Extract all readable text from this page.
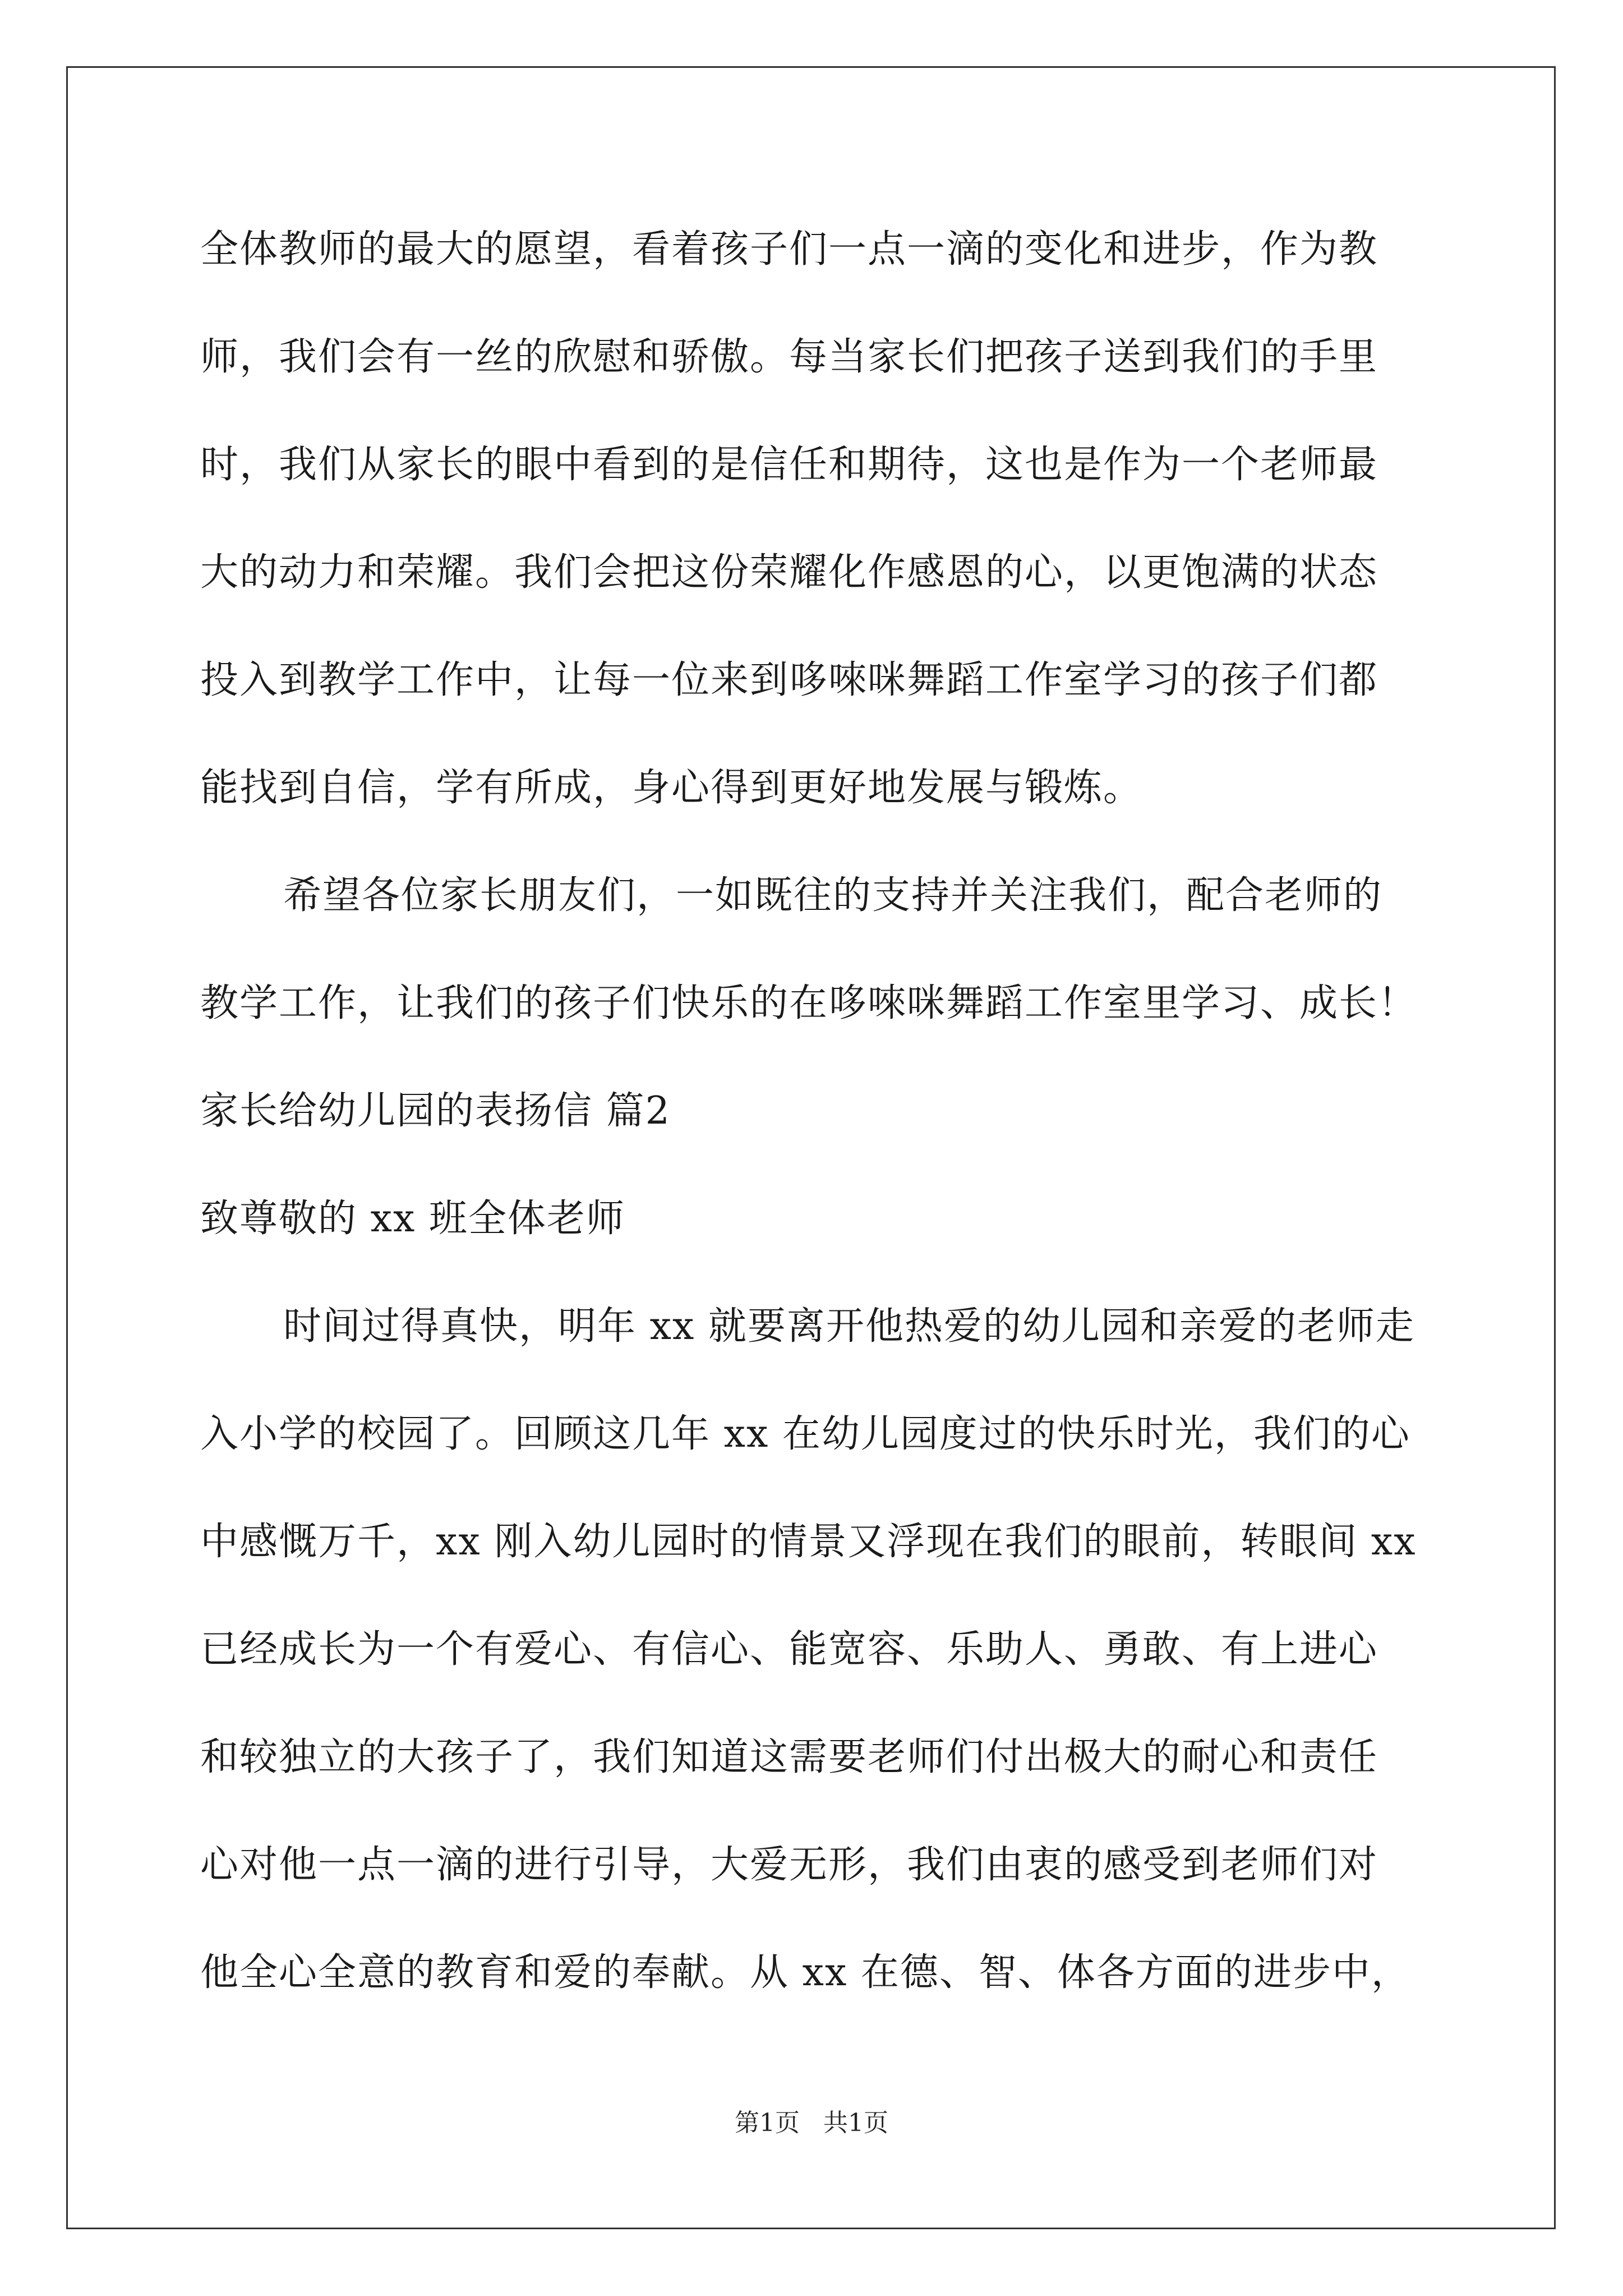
全体教师的最大的愿望，看着孩子们一点一滴的变化和进步，作为教
师，我们会有一丝的欣慰和骄傲。每当家长们把孩子送到我们的手里
时，我们从家长的眼中看到的是信任和期待，这也是作为一个老师最
大的动力和荣耀。我们会把这份荣耀化作感恩的心，以更饱满的状态
投入到教学工作中，让每一位来到哆唻咪舞蹈工作室学习的孩子们都
能找到自信，学有所成，身心得到更好地发展与锻炼。
希望各位家长朋友们，一如既往的支持并关注我们，配合老师的
教学工作，让我们的孩子们快乐的在哆唻咪舞蹈工作室里学习、成长！
家长给幼儿园的表扬信 篇2
致尊敬的 xx 班全体老师
时间过得真快，明年 xx 就要离开他热爱的幼儿园和亲爱的老师走
入小学的校园了。回顾这几年 xx 在幼儿园度过的快乐时光，我们的心
中感慨万千，xx 刚入幼儿园时的情景又浮现在我们的眼前，转眼间 xx
已经成长为一个有爱心、有信心、能宽容、乐助人、勇敢、有上进心
和较独立的大孩子了，我们知道这需要老师们付出极大的耐心和责任
心对他一点一滴的进行引导，大爱无形，我们由衷的感受到老师们对
他全心全意的教育和爱的奉献。从 xx 在德、智、体各方面的进步中，
第1页   共1页
